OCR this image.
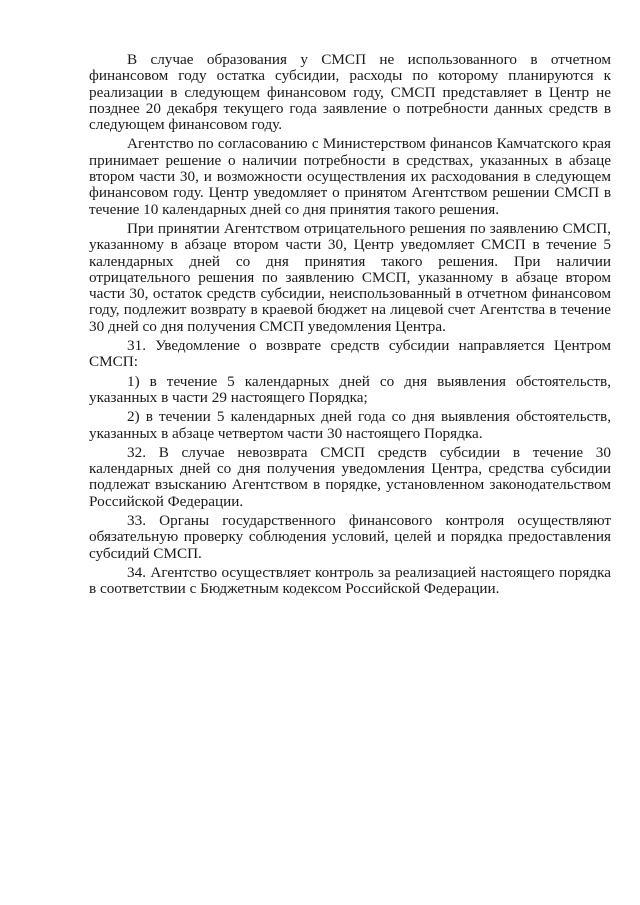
В случае образования у СМСП не использованного в отчетном финансовом году остатка субсидии, расходы по которому планируются к реализации в следующем финансовом году, СМСП представляет в Центр не позднее 20 декабря текущего года заявление о потребности данных средств в следующем финансовом году.

Агентство по согласованию с Министерством финансов Камчатского края принимает решение о наличии потребности в средствах, указанных в абзаце втором части 30, и возможности осуществления их расходования в следующем финансовом году. Центр уведомляет о принятом Агентством решении СМСП в течение 10 календарных дней со дня принятия такого решения.

При принятии Агентством отрицательного решения по заявлению СМСП, указанному в абзаце втором части 30, Центр уведомляет СМСП в течение 5 календарных дней со дня принятия такого решения. При наличии отрицательного решения по заявлению СМСП, указанному в абзаце втором части 30, остаток средств субсидии, неиспользованный в отчетном финансовом году, подлежит возврату в краевой бюджет на лицевой счет Агентства в течение 30 дней со дня получения СМСП уведомления Центра.

31. Уведомление о возврате средств субсидии направляется Центром СМСП:

1) в течение 5 календарных дней со дня выявления обстоятельств, указанных в части 29 настоящего Порядка;

2) в течении 5 календарных дней года со дня выявления обстоятельств, указанных в абзаце четвертом части 30 настоящего Порядка.

32. В случае невозврата СМСП средств субсидии в течение 30 календарных дней со дня получения уведомления Центра, средства субсидии подлежат взысканию Агентством в порядке, установленном законодательством Российской Федерации.

33. Органы государственного финансового контроля осуществляют обязательную проверку соблюдения условий, целей и порядка предоставления субсидий СМСП.

34. Агентство осуществляет контроль за реализацией настоящего порядка в соответствии с Бюджетным кодексом Российской Федерации.
